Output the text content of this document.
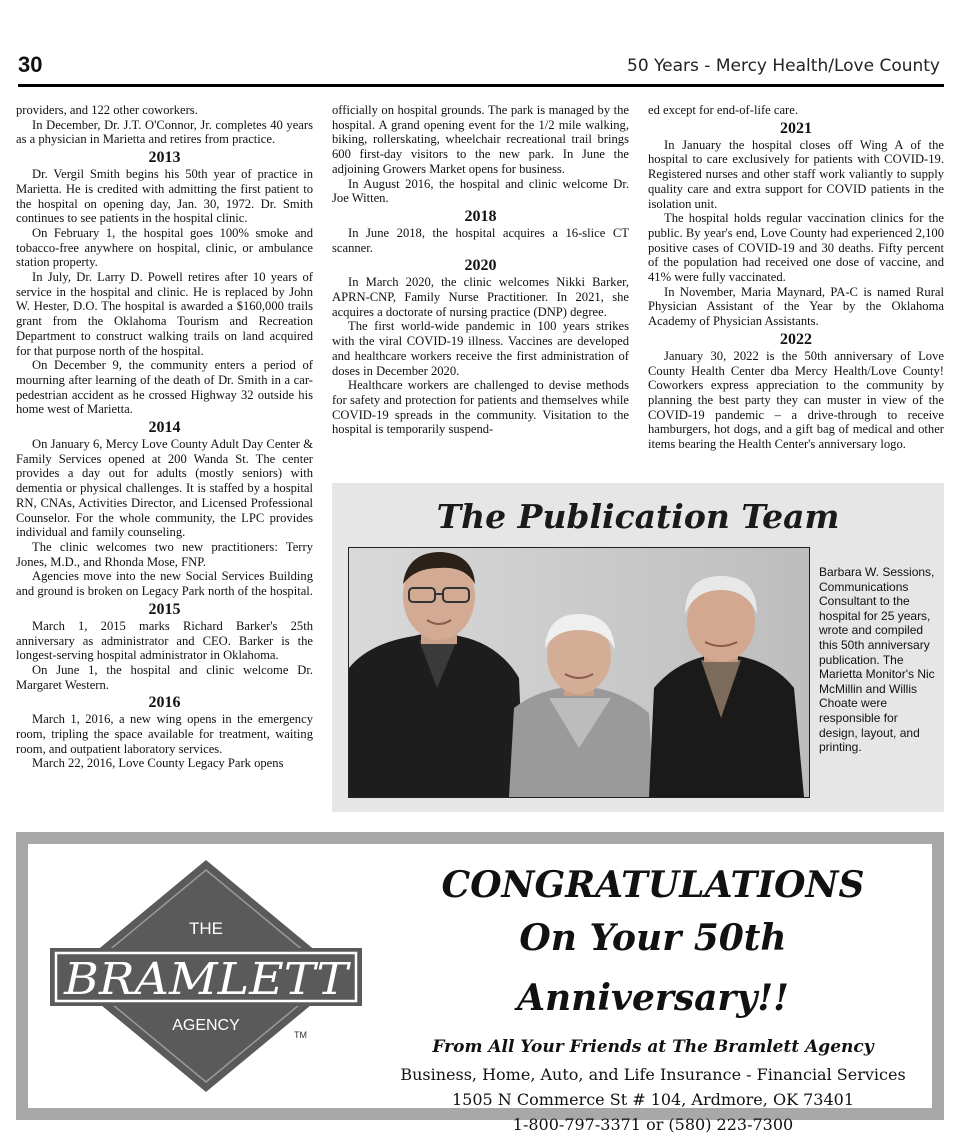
30	50 Years - Mercy Health/Love County

providers, and 122 other coworkers.

In December, Dr. J.T. O'Connor, Jr. completes 40 years as a physician in Marietta and retires from practice.

2013

Dr. Vergil Smith begins his 50th year of practice in Marietta. He is credited with admitting the first patient to the hospital on opening day, Jan. 30, 1972. Dr. Smith continues to see patients in the hospital clinic.

On February 1, the hospital goes 100% smoke and tobacco-free anywhere on hospital, clinic, or ambulance station property.

In July, Dr. Larry D. Powell retires after 10 years of service in the hospital and clinic. He is replaced by John W. Hester, D.O. The hospital is awarded a $160,000 trails grant from the Oklahoma Tourism and Recreation Department to construct walking trails on land acquired for that purpose north of the hospital.

On December 9, the community enters a period of mourning after learning of the death of Dr. Smith in a car-pedestrian accident as he crossed Highway 32 outside his home west of Marietta.

2014

On January 6, Mercy Love County Adult Day Center & Family Services opened at 200 Wanda St. The center provides a day out for adults (mostly seniors) with dementia or physical challenges. It is staffed by a hospital RN, CNAs, Activities Director, and Licensed Professional Counselor. For the whole community, the LPC provides individual and family counseling.

The clinic welcomes two new practitioners: Terry Jones, M.D., and Rhonda Mose, FNP.

Agencies move into the new Social Services Building and ground is broken on Legacy Park north of the hospital.

2015

March 1, 2015 marks Richard Barker's 25th anniversary as administrator and CEO. Barker is the longest-serving hospital administrator in Oklahoma.

On June 1, the hospital and clinic welcome Dr. Margaret Western.

2016

March 1, 2016, a new wing opens in the emergency room, tripling the space available for treatment, waiting room, and outpatient laboratory services.

March 22, 2016, Love County Legacy Park opens

officially on hospital grounds. The park is managed by the hospital. A grand opening event for the 1/2 mile walking, biking, rollerskating, wheelchair recreational trail brings 600 first-day visitors to the new park. In June the adjoining Growers Market opens for business.

In August 2016, the hospital and clinic welcome Dr. Joe Witten.

2018

In June 2018, the hospital acquires a 16-slice CT scanner.

2020

In March 2020, the clinic welcomes Nikki Barker, APRN-CNP, Family Nurse Practitioner. In 2021, she acquires a doctorate of nursing practice (DNP) degree.

The first world-wide pandemic in 100 years strikes with the viral COVID-19 illness. Vaccines are developed and healthcare workers receive the first administration of doses in December 2020.

Healthcare workers are challenged to devise methods for safety and protection for patients and themselves while COVID-19 spreads in the community. Visitation to the hospital is temporarily suspend-

ed except for end-of-life care.

2021

In January the hospital closes off Wing A of the hospital to care exclusively for patients with COVID-19. Registered nurses and other staff work valiantly to supply quality care and extra support for COVID patients in the isolation unit.

The hospital holds regular vaccination clinics for the public. By year's end, Love County had experienced 2,100 positive cases of COVID-19 and 30 deaths. Fifty percent of the population had received one dose of vaccine, and 41% were fully vaccinated.

In November, Maria Maynard, PA-C is named Rural Physician Assistant of the Year by the Oklahoma Academy of Physician Assistants.

2022

January 30, 2022 is the 50th anniversary of Love County Health Center dba Mercy Health/Love County! Coworkers express appreciation to the community by planning the best party they can muster in view of the COVID-19 pandemic – a drive-through to receive hamburgers, hot dogs, and a gift bag of medical and other items bearing the Health Center's anniversary logo.

The Publication Team
Barbara W. Sessions, Communications Consultant to the hospital for 25 years, wrote and compiled this 50th anniversary publication. The Marietta Monitor's Nic McMillin and Willis Choate were responsible for design, layout, and printing.
THE
BRAMLETT
AGENCY
TM
CONGRATULATIONS
On Your 50th Anniversary!!
From All Your Friends at The Bramlett Agency
Business, Home, Auto, and Life Insurance - Financial Services
1505 N Commerce St # 104, Ardmore, OK 73401
1-800-797-3371 or (580) 223-7300
